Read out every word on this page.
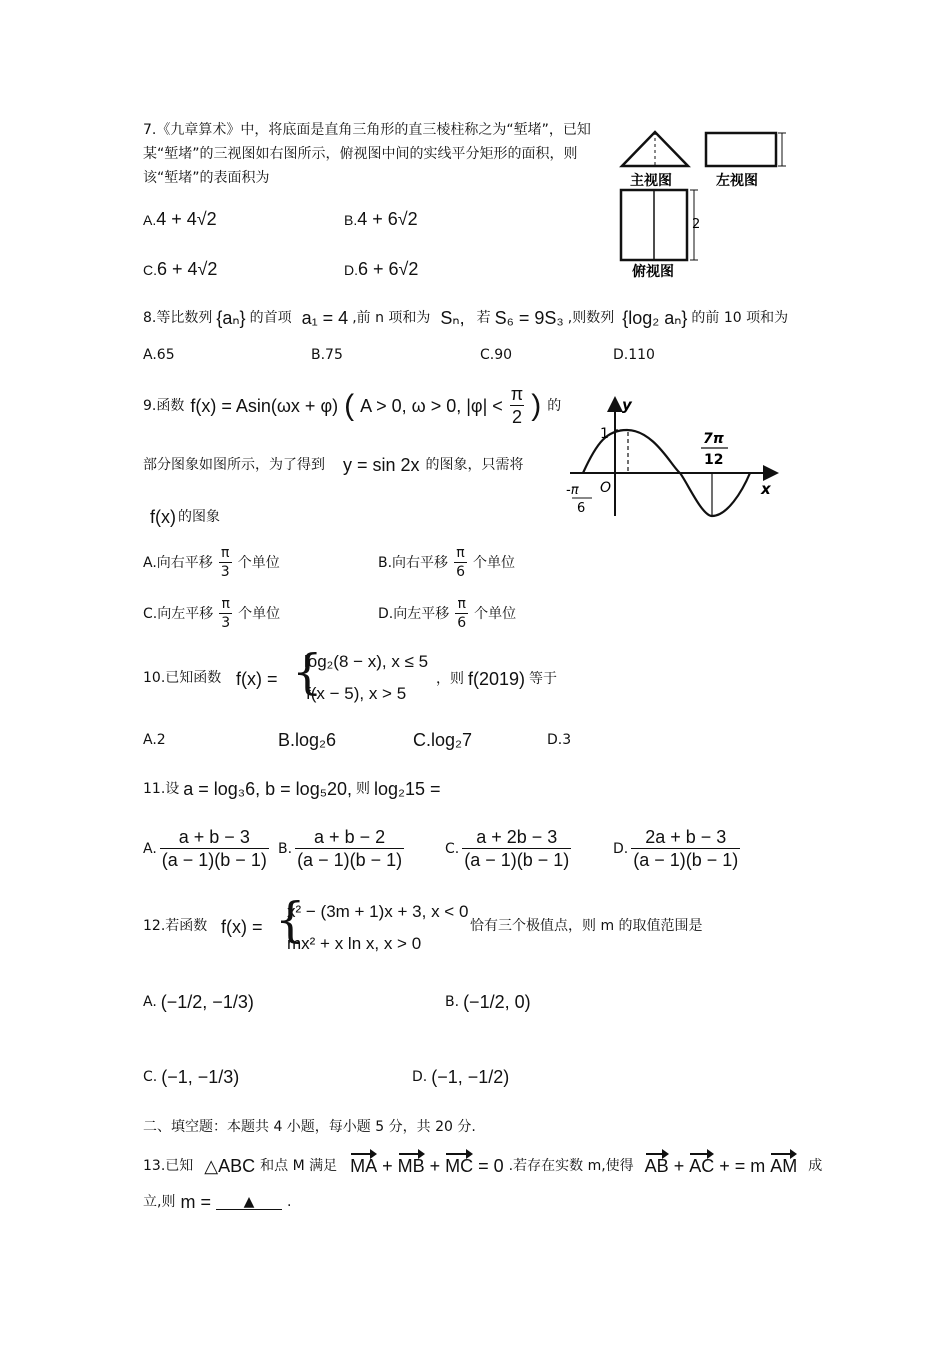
7.《九章算术》中，将底面是直角三角形的直三棱柱称之为“堑堵”，已知某“堑堵”的三视图如右图所示，俯视图中间的实线平分矩形的面积，则该“堑堵”的表面积为
A.4 + 4√2	B.4 + 6√2
C.6 + 4√2	D.6 + 6√2
主视图	左视图
2
俯视图
8.等比数列 {aₙ} 的首项 a₁ = 4 ,前 n 项和为 Sₙ, 若 S₆ = 9S₃ ,则数列 {log₂ aₙ} 的前 10 项和为
A.65	B.75	C.90	D.110
9.函数 f(x) = Asin(ωx + φ) ( A > 0, ω > 0, $|\varphi| < \frac{\pi}{2}$ ) 的
部分图象如图所示，为了得到 y = sin 2x 的图象，只需将
f(x) 的图象
y
x
O
1
-π
6
7π
12
A.向右平移 $\frac{\pi}{3}$ 个单位	B.向右平移 $\frac{\pi}{6}$ 个单位
C.向左平移 $\frac{\pi}{3}$ 个单位	D.向左平移 $\frac{\pi}{6}$ 个单位
10.已知函数 f(x) = {
log₂(8 − x), x ≤ 5
f(x − 5), x > 5
，则 f(2019) 等于
A.2	B.log₂6	C.log₂7	D.3
11.设 a = log₃6, b = log₅20, 则 log₂15 =
A. $\frac{a + b - 3}{(a - 1)(b - 1)} B$. $\frac{a + b - 2}{(a - 1)(b - 1)}$	C. $\frac{a + 2b - 3}{(a - 1)(b - 1)}$	D. $\frac{2a + b - 3}{(a - 1)(b - 1)}$
12.若函数 f(x) = {
x² − (3m + 1)x + 3, x < 0
mx² + x ln x, x > 0
恰有三个极值点，则 m 的取值范围是
A. (−1/2, −1/3)	B. (−1/2, 0)
C. (−1, −1/3)	D. (−1, −1/2)
二、填空题：本题共 4 小题，每小题 5 分，共 20 分.
13.已知 △ABC 和点 M 满足 MA + MB + MC = 0 .若存在实数 m,使得 AB + AC + = m AM 成
立,则 m =	▲	.
